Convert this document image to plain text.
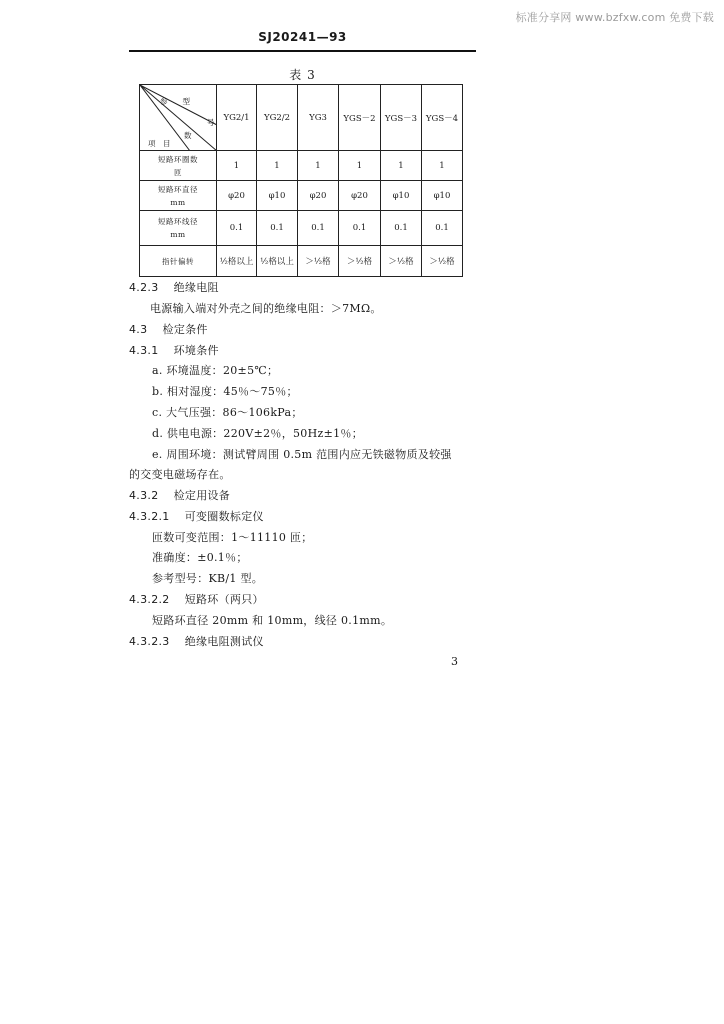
标准分享网 www.bzfxw.com 免费下载
SJ20241—93
表 3
参　　型
号
数
项　目	YG2/1	YG2/2	YG3	YGS－2	YGS－3	YGS－4
短路环圈数
匝	1	1	1	1	1	1
短路环直径
mm	φ20	φ10	φ20	φ20	φ10	φ10
短路环线径
mm	0.1	0.1	0.1	0.1	0.1	0.1
指针偏转	½格以上	½格以上	＞½格	＞½格	＞½格	＞½格
4.2.3　 绝缘电阻
电源输入端对外壳之间的绝缘电阻：＞7MΩ。
4.3　 检定条件
4.3.1　 环境条件
a. 环境温度：20±5℃；
b. 相对湿度：45％～75％；
c. 大气压强：86～106kPa；
d. 供电电源：220V±2％，50Hz±1％；
e. 周围环境：测试臂周围 0.5m 范围内应无铁磁物质及较强
的交变电磁场存在。
4.3.2　 检定用设备
4.3.2.1　 可变圈数标定仪
匝数可变范围：1～11110 匝；
准确度：±0.1％；
参考型号：KB/1 型。
4.3.2.2　 短路环（两只）
短路环直径 20mm 和 10mm，线径 0.1mm。
4.3.2.3　 绝缘电阻测试仪
3
